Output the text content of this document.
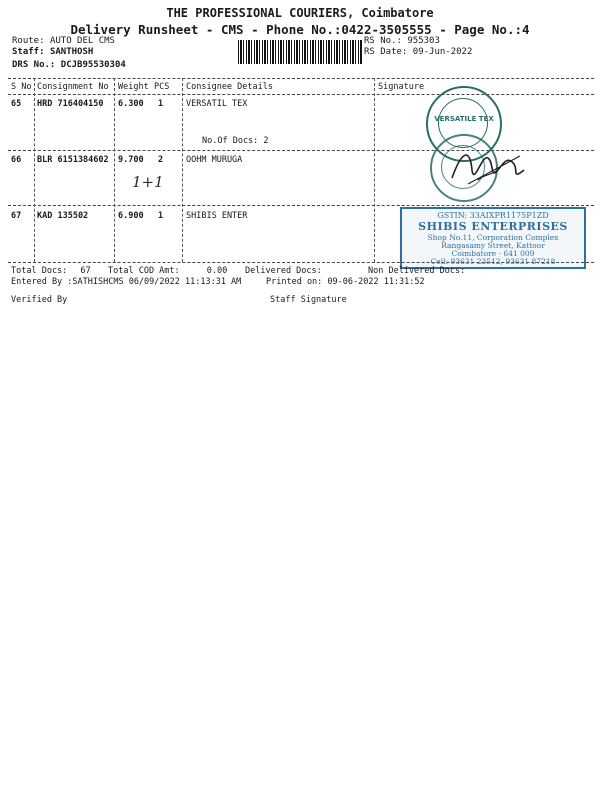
THE PROFESSIONAL COURIERS, Coimbatore
Delivery Runsheet - CMS - Phone No.:0422-3505555 - Page No.:4
Route: AUTO DEL CMS
Staff: SANTHOSH
DRS No.: DCJB95530304
RS No.: 955303
RS Date: 09-Jun-2022
S No Consignment No Weight PCS Consignee Details	Signature
65 HRD 716404150 6.300 1	VERSATIL TEX
No.Of Docs: 2
66 BLR 6151384602 9.700 2	OOHM MURUGA
1+1
67 KAD 135502	6.900 1	SHIBIS ENTER
VERSATILE TEX
GSTIN: 33AIXPR1175P1ZD
SHIBIS ENTERPRISES
Shop No.11, Corporation Complex
Rangasamy Street, Kattoor
Coimbatore - 641 009
Cell: 93631 23512, 93631 87218
Total Docs: 67 Total COD Amt:	0.00 Delivered Docs:	Non Delivered Docs:
Entered By :SATHISHCMS 06/09/2022 11:13:31 AM	Printed on: 09-06-2022 11:31:52
Verified By	Staff Signature
